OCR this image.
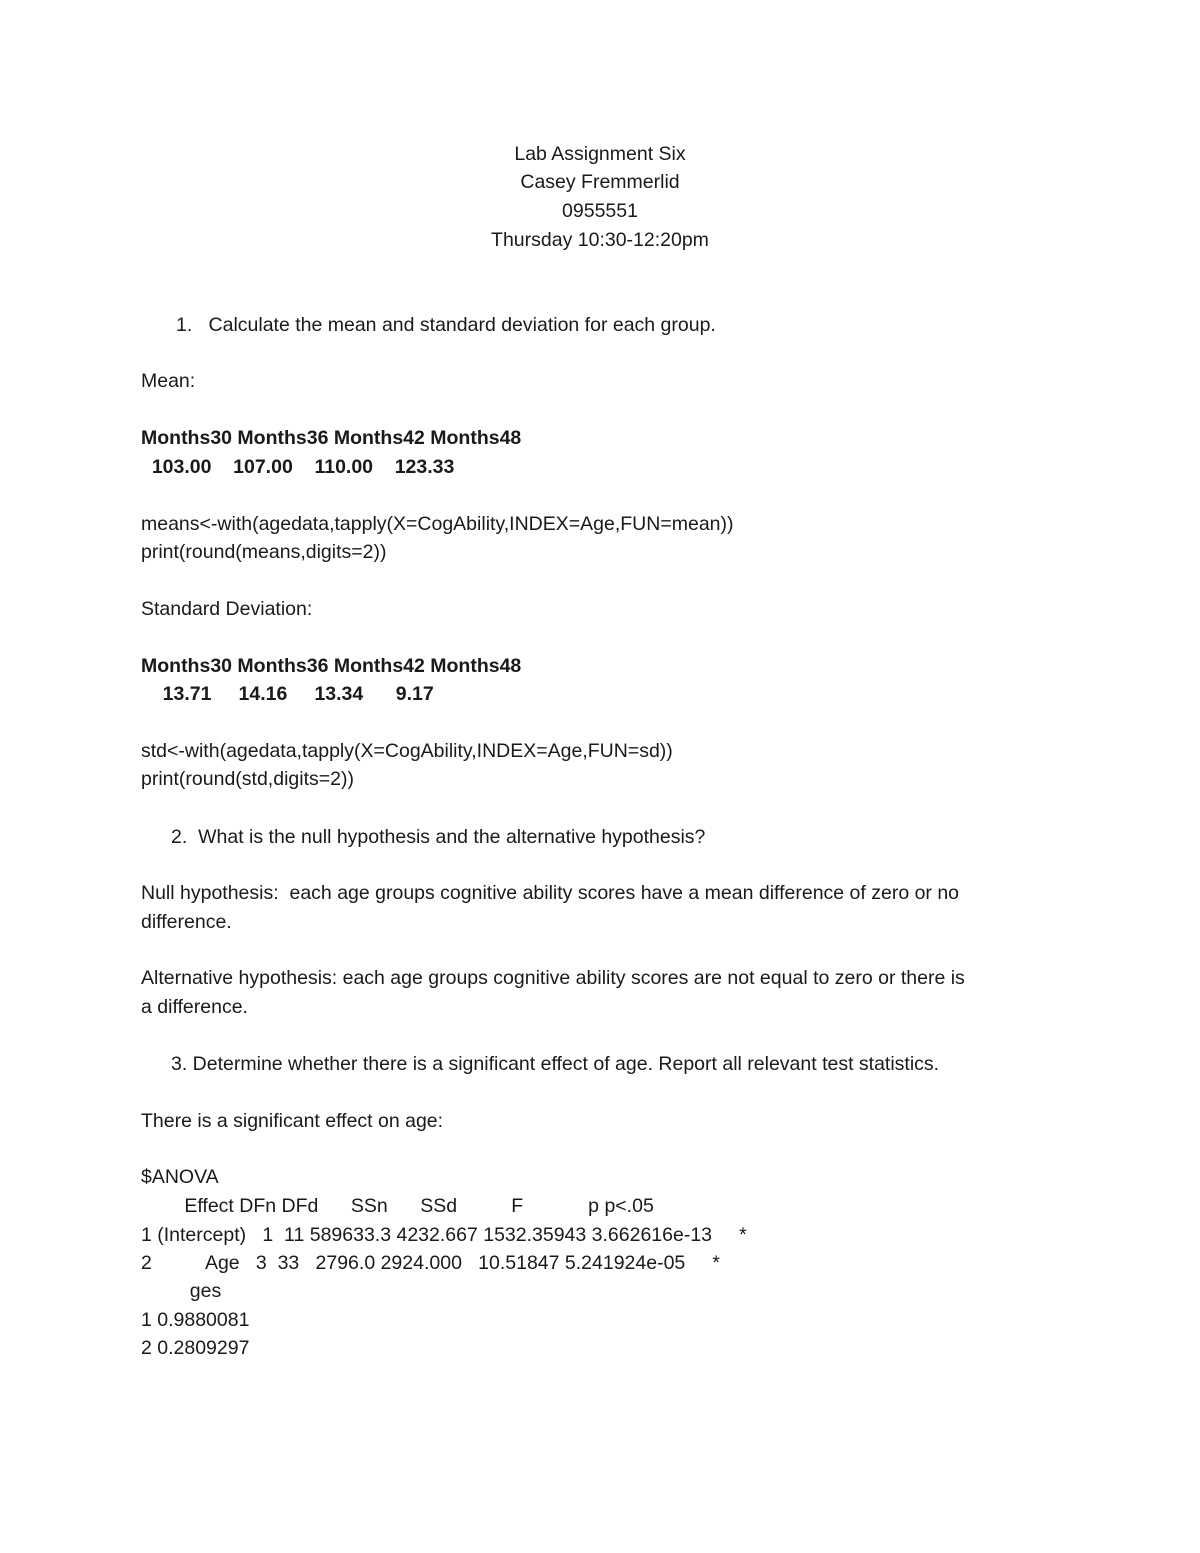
Lab Assignment Six
Casey Fremmerlid
0955551
Thursday 10:30-12:20pm
1.   Calculate the mean and standard deviation for each group.
Mean:
Months30 Months36 Months42 Months48
103.00    107.00    110.00    123.33
means<-with(agedata,tapply(X=CogAbility,INDEX=Age,FUN=mean))
print(round(means,digits=2))
Standard Deviation:
Months30 Months36 Months42 Months48
13.71     14.16     13.34      9.17
std<-with(agedata,tapply(X=CogAbility,INDEX=Age,FUN=sd))
print(round(std,digits=2))
2.  What is the null hypothesis and the alternative hypothesis?
Null hypothesis:  each age groups cognitive ability scores have a mean difference of zero or no
difference.
Alternative hypothesis: each age groups cognitive ability scores are not equal to zero or there is
a difference.
3. Determine whether there is a significant effect of age. Report all relevant test statistics.
There is a significant effect on age:
$ANOVA
Effect DFn DFd      SSn      SSd          F            p p<.05
1 (Intercept)   1  11 589633.3 4232.667 1532.35943 3.662616e-13     *
2          Age   3  33   2796.0 2924.000   10.51847 5.241924e-05     *
ges
1 0.9880081
2 0.2809297
